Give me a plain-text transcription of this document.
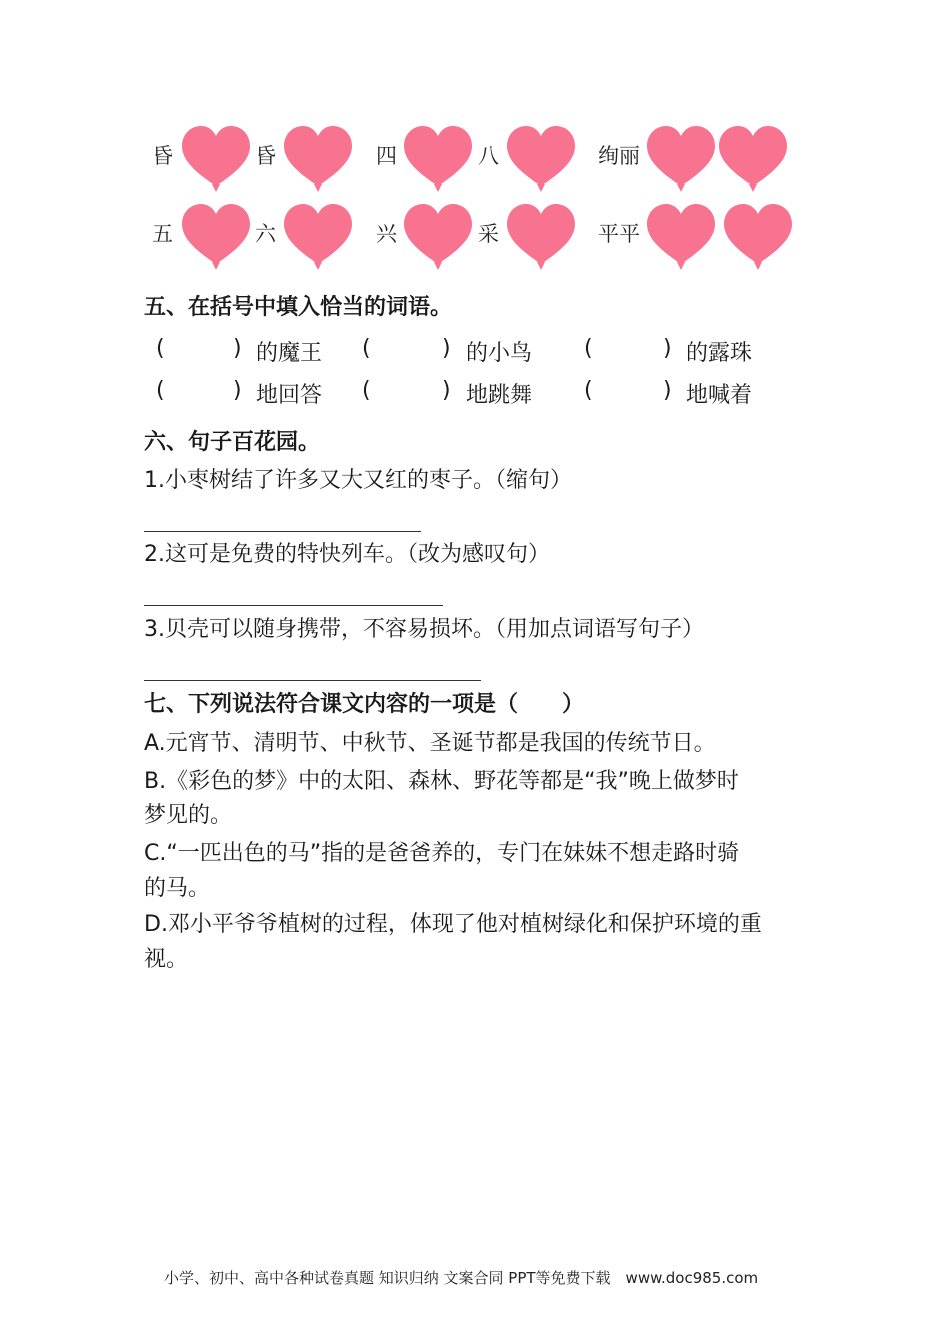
昏	昏	四	八	绚丽
五	六	兴	采	平平
五、在括号中填入恰当的词语。
(	) 的魔王 (	) 的小鸟 (	) 的露珠
(	) 地回答 (	) 地跳舞 (	) 地喊着
六、句子百花园。
1.小枣树结了许多又大又红的枣子。（缩句）
2.这可是免费的特快列车。（改为感叹句）
3.贝壳可以随身携带，不容易损坏。（用加点词语写句子）
七、下列说法符合课文内容的一项是（　　）
A.元宵节、清明节、中秋节、圣诞节都是我国的传统节日。
B.《彩色的梦》中的太阳、森林、野花等都是“我”晚上做梦时
梦见的。
C.“一匹出色的马”指的是爸爸养的，专门在妹妹不想走路时骑
的马。
D.邓小平爷爷植树的过程，体现了他对植树绿化和保护环境的重
视。
小学、初中、高中各种试卷真题 知识归纳 文案合同 PPT等免费下载　www.doc985.com
